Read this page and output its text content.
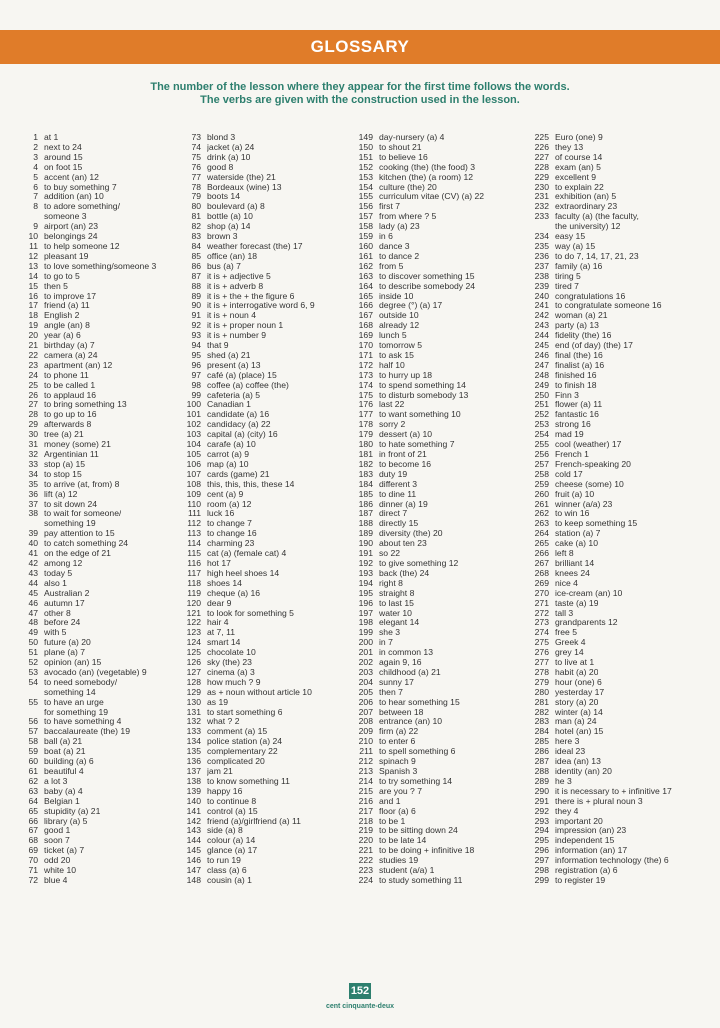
GLOSSARY
The number of the lesson where they appear for the first time follows the words.
The verbs are given with the construction used in the lesson.
1 at 1
2 next to 24
3 around 15
4 on foot 15
5 accent (an) 12
6 to buy something 7
7 addition (an) 10
8 to adore something/
someone 3
9 airport (an) 23
10 belongings 24
11 to help someone 12
12 pleasant 19
13 to love something/someone 3
14 to go to 5
15 then 5
16 to improve 17
17 friend (a) 11
18 English 2
19 angle (an) 8
20 year (a) 6
21 birthday (a) 7
22 camera (a) 24
23 apartment (an) 12
24 to phone 11
25 to be called 1
26 to applaud 16
27 to bring something 13
28 to go up to 16
29 afterwards 8
30 tree (a) 21
31 money (some) 21
32 Argentinian 11
33 stop (a) 15
34 to stop 15
35 to arrive (at, from) 8
36 lift (a) 12
37 to sit down 24
38 to wait for someone/
something 19
39 pay attention to 15
40 to catch something 24
41 on the edge of 21
42 among 12
43 today 5
44 also 1
45 Australian 2
46 autumn 17
47 other 8
48 before 24
49 with 5
50 future (a) 20
51 plane (a) 7
52 opinion (an) 15
53 avocado (an) (vegetable) 9
54 to need somebody/
something 14
55 to have an urge
for something 19
56 to have something 4
57 baccalaureate (the) 19
58 ball (a) 21
59 boat (a) 21
60 building (a) 6
61 beautiful 4
62 a lot 3
63 baby (a) 4
64 Belgian 1
65 stupidity (a) 21
66 library (a) 5
67 good 1
68 soon 7
69 ticket (a) 7
70 odd 20
71 white 10
72 blue 4
73 blond 3
74 jacket (a) 24
75 drink (a) 10
76 good 8
77 waterside (the) 21
78 Bordeaux (wine) 13
79 boots 14
80 boulevard (a) 8
81 bottle (a) 10
82 shop (a) 14
83 brown 3
84 weather forecast (the) 17
85 office (an) 18
86 bus (a) 7
87 it is + adjective 5
88 it is + adverb 8
89 it is + the + the figure 6
90 it is + interrogative word 6, 9
91 it is + noun 4
92 it is + proper noun 1
93 it is + number 9
94 that 9
95 shed (a) 21
96 present (a) 13
97 café (a) (place) 15
98 coffee (a) coffee (the)
99 cafeteria (a) 5
100 Canadian 1
101 candidate (a) 16
102 candidacy (a) 22
103 capital (a) (city) 16
104 carafe (a) 10
105 carrot (a) 9
106 map (a) 10
107 cards (game) 21
108 this, this, this, these 14
109 cent (a) 9
110 room (a) 12
111 luck 16
112 to change 7
113 to change 16
114 charming 23
115 cat (a) (female cat) 4
116 hot 17
117 high heel shoes 14
118 shoes 14
119 cheque (a) 16
120 dear 9
121 to look for something 5
122 hair 4
123 at 7, 11
124 smart 14
125 chocolate 10
126 sky (the) 23
127 cinema (a) 3
128 how much ? 9
129 as + noun without article 10
130 as 19
131 to start something 6
132 what ? 2
133 comment (a) 15
134 police station (a) 24
135 complementary 22
136 complicated 20
137 jam 21
138 to know something 11
139 happy 16
140 to continue 8
141 control (a) 15
142 friend (a)/girlfriend (a) 11
143 side (a) 8
144 colour (a) 14
145 glance (a) 17
146 to run 19
147 class (a) 6
148 cousin (a) 1
149 day-nursery (a) 4
150 to shout 21
151 to believe 16
152 cooking (the) (the food) 3
153 kitchen (the) (a room) 12
154 culture (the) 20
155 curriculum vitae (CV) (a) 22
156 first 7
157 from where ? 5
158 lady (a) 23
159 in 6
160 dance 3
161 to dance 2
162 from 5
163 to discover something 15
164 to describe somebody 24
165 inside 10
166 degree (°) (a) 17
167 outside 10
168 already 12
169 lunch 5
170 tomorrow 5
171 to ask 15
172 half 10
173 to hurry up 18
174 to spend something 14
175 to disturb somebody 13
176 last 22
177 to want something 10
178 sorry 2
179 dessert (a) 10
180 to hate something 7
181 in front of 21
182 to become 16
183 duty 19
184 different 3
185 to dine 11
186 dinner (a) 19
187 direct 7
188 directly 15
189 diversity (the) 20
190 about ten 23
191 so 22
192 to give something 12
193 back (the) 24
194 right 8
195 straight 8
196 to last 15
197 water 10
198 elegant 14
199 she 3
200 in 7
201 in common 13
202 again 9, 16
203 childhood (a) 21
204 sunny 17
205 then 7
206 to hear something 15
207 between 18
208 entrance (an) 10
209 firm (a) 22
210 to enter 6
211 to spell something 6
212 spinach 9
213 Spanish 3
214 to try something 14
215 are you ? 7
216 and 1
217 floor (a) 6
218 to be 1
219 to be sitting down 24
220 to be late 14
221 to be doing + infinitive 18
222 studies 19
223 student (a/a) 1
224 to study something 11
225 Euro (one) 9
226 they 13
227 of course 14
228 exam (an) 5
229 excellent 9
230 to explain 22
231 exhibition (an) 5
232 extraordinary 23
233 faculty (a) (the faculty,
the university) 12
234 easy 15
235 way (a) 15
236 to do 7, 14, 17, 21, 23
237 family (a) 16
238 tiring 5
239 tired 7
240 congratulations 16
241 to congratulate someone 16
242 woman (a) 21
243 party (a) 13
244 fidelity (the) 16
245 end (of day) (the) 17
246 final (the) 16
247 finalist (a) 16
248 finished 16
249 to finish 18
250 Finn 3
251 flower (a) 11
252 fantastic 16
253 strong 16
254 mad 19
255 cool (weather) 17
256 French 1
257 French-speaking 20
258 cold 17
259 cheese (some) 10
260 fruit (a) 10
261 winner (a/a) 23
262 to win 16
263 to keep something 15
264 station (a) 7
265 cake (a) 10
266 left 8
267 brilliant 14
268 knees 24
269 nice 4
270 ice-cream (an) 10
271 taste (a) 19
272 tall 3
273 grandparents 12
274 free 5
275 Greek 4
276 grey 14
277 to live at 1
278 habit (a) 20
279 hour (one) 6
280 yesterday 17
281 story (a) 20
282 winter (a) 14
283 man (a) 24
284 hotel (an) 15
285 here 3
286 ideal 23
287 idea (an) 13
288 identity (an) 20
289 he 3
290 it is necessary to + infinitive 17
291 there is + plural noun 3
292 they 4
293 important 20
294 impression (an) 23
295 independent 15
296 information (an) 17
297 information technology (the) 6
298 registration (a) 6
299 to register 19
152
cent cinquante-deux
